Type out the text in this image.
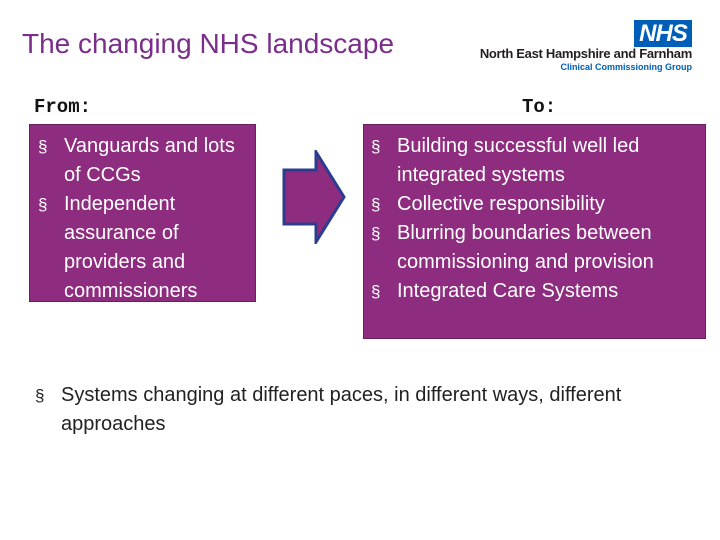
The changing NHS landscape	NHS
North East Hampshire and Farnham
Clinical Commissioning Group
From:	To:
§ Vanguards and lots of CCGs
§ Independent assurance of providers and commissioners
§ Building successful well led integrated systems
§ Collective responsibility
§ Blurring boundaries between commissioning and provision
§ Integrated Care Systems
§ Systems changing at different paces, in different ways, different approaches
